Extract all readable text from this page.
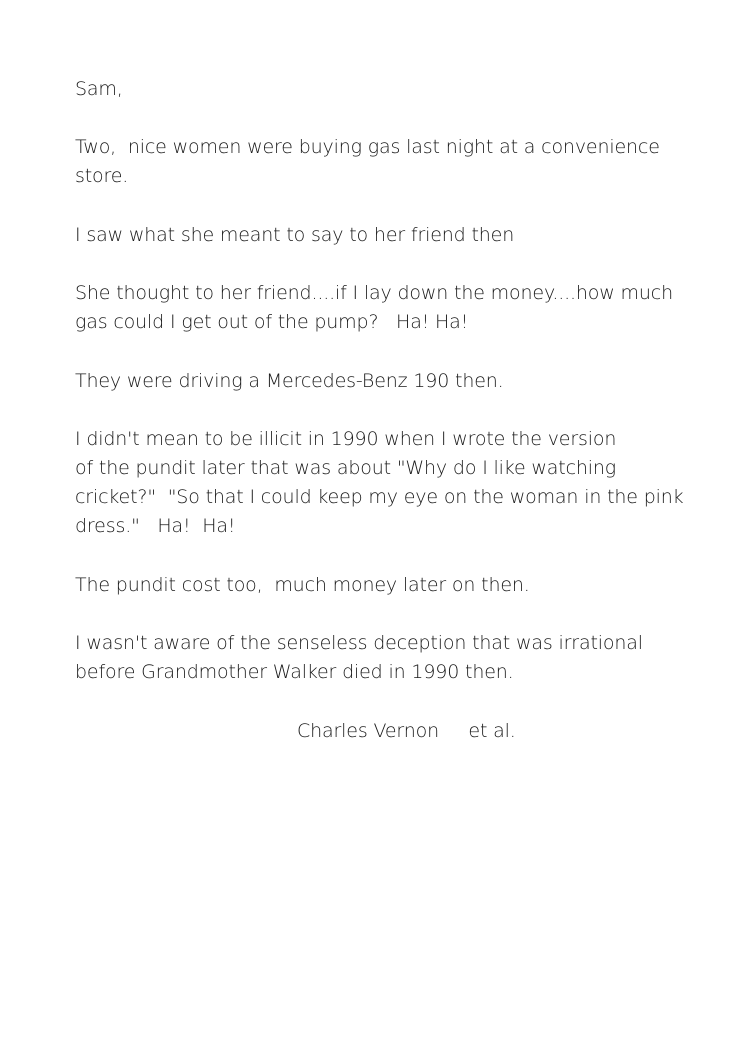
Sam,
Two,  nice women were buying gas last night at a convenience
store.
I saw what she meant to say to her friend then
She thought to her friend....if I lay down the money....how much
gas could I get out of the pump?   Ha! Ha!
They were driving a Mercedes-Benz 190 then.
I didn't mean to be illicit in 1990 when I wrote the version
of the pundit later that was about "Why do I like watching
cricket?"  "So that I could keep my eye on the woman in the pink
dress."   Ha!  Ha!
The pundit cost too,  much money later on then.
I wasn't aware of the senseless deception that was irrational
before Grandmother Walker died in 1990 then.
Charles Vernon     et al.
